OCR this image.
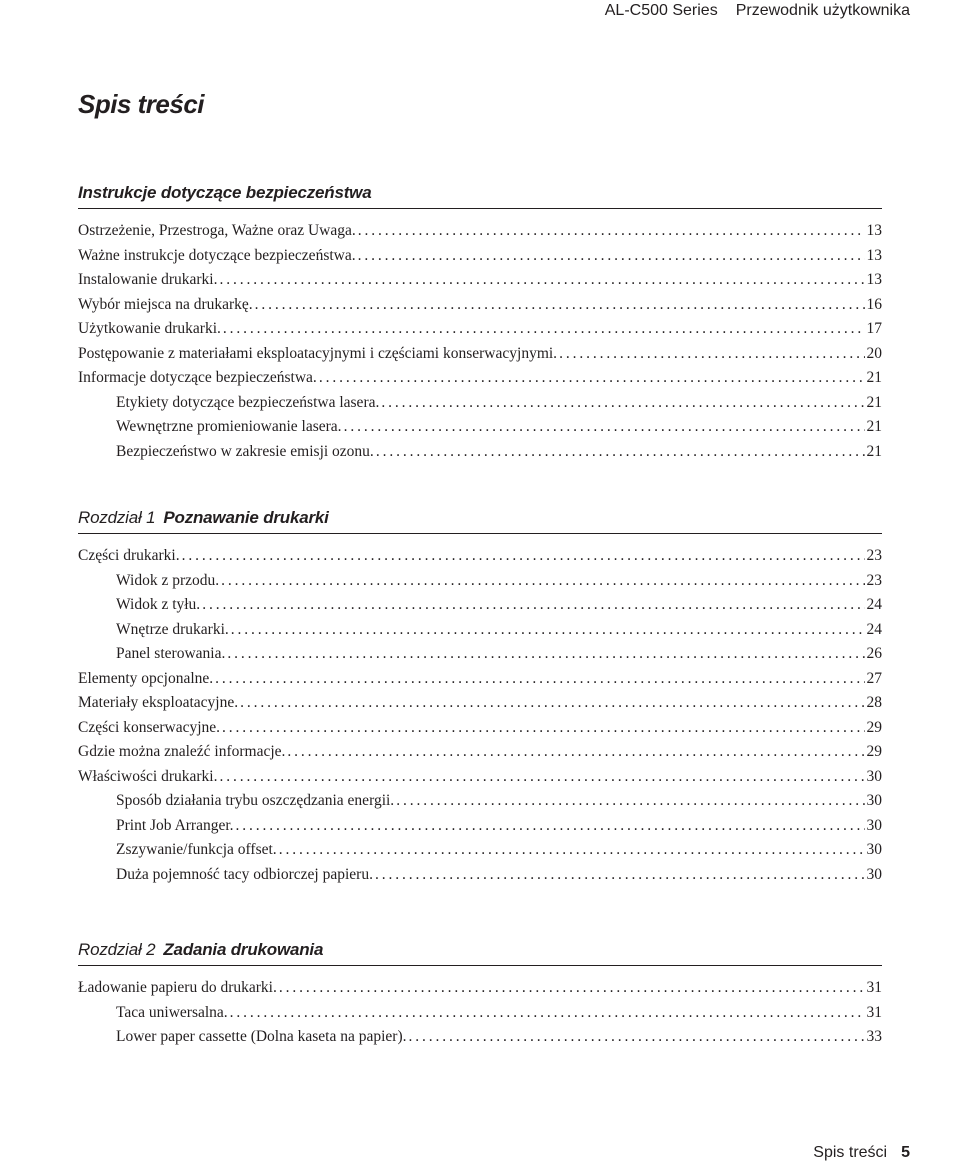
AL-C500 Series Przewodnik użytkownika
Spis treści
Instrukcje dotyczące bezpieczeństwa
Ostrzeżenie, Przestroga, Ważne oraz Uwaga. . . .	13
Ważne instrukcje dotyczące bezpieczeństwa. . . .	13
Instalowanie drukarki. . . .	13
Wybór miejsca na drukarkę. . . .	16
Użytkowanie drukarki. . . .	17
Postępowanie z materiałami eksploatacyjnymi i częściami konserwacyjnymi. . . .	20
Informacje dotyczące bezpieczeństwa. . . .	21
Etykiety dotyczące bezpieczeństwa lasera. . . .	21
Wewnętrzne promieniowanie lasera. . . .	21
Bezpieczeństwo w zakresie emisji ozonu. . . .	21
Rozdział 1 Poznawanie drukarki
Części drukarki. . . .	23
Widok z przodu. . . .	23
Widok z tyłu. . . .	24
Wnętrze drukarki. . . .	24
Panel sterowania. . . .	26
Elementy opcjonalne. . . .	27
Materiały eksploatacyjne. . . .	28
Części konserwacyjne. . . .	29
Gdzie można znaleźć informacje. . . .	29
Właściwości drukarki. . . .	30
Sposób działania trybu oszczędzania energii. . . .	30
Print Job Arranger. . . .	30
Zszywanie/funkcja offset. . . .	30
Duża pojemność tacy odbiorczej papieru. . . .	30
Rozdział 2 Zadania drukowania
Ładowanie papieru do drukarki. . . .	31
Taca uniwersalna. . . .	31
Lower paper cassette (Dolna kaseta na papier). . . .	33
Spis treści 5
